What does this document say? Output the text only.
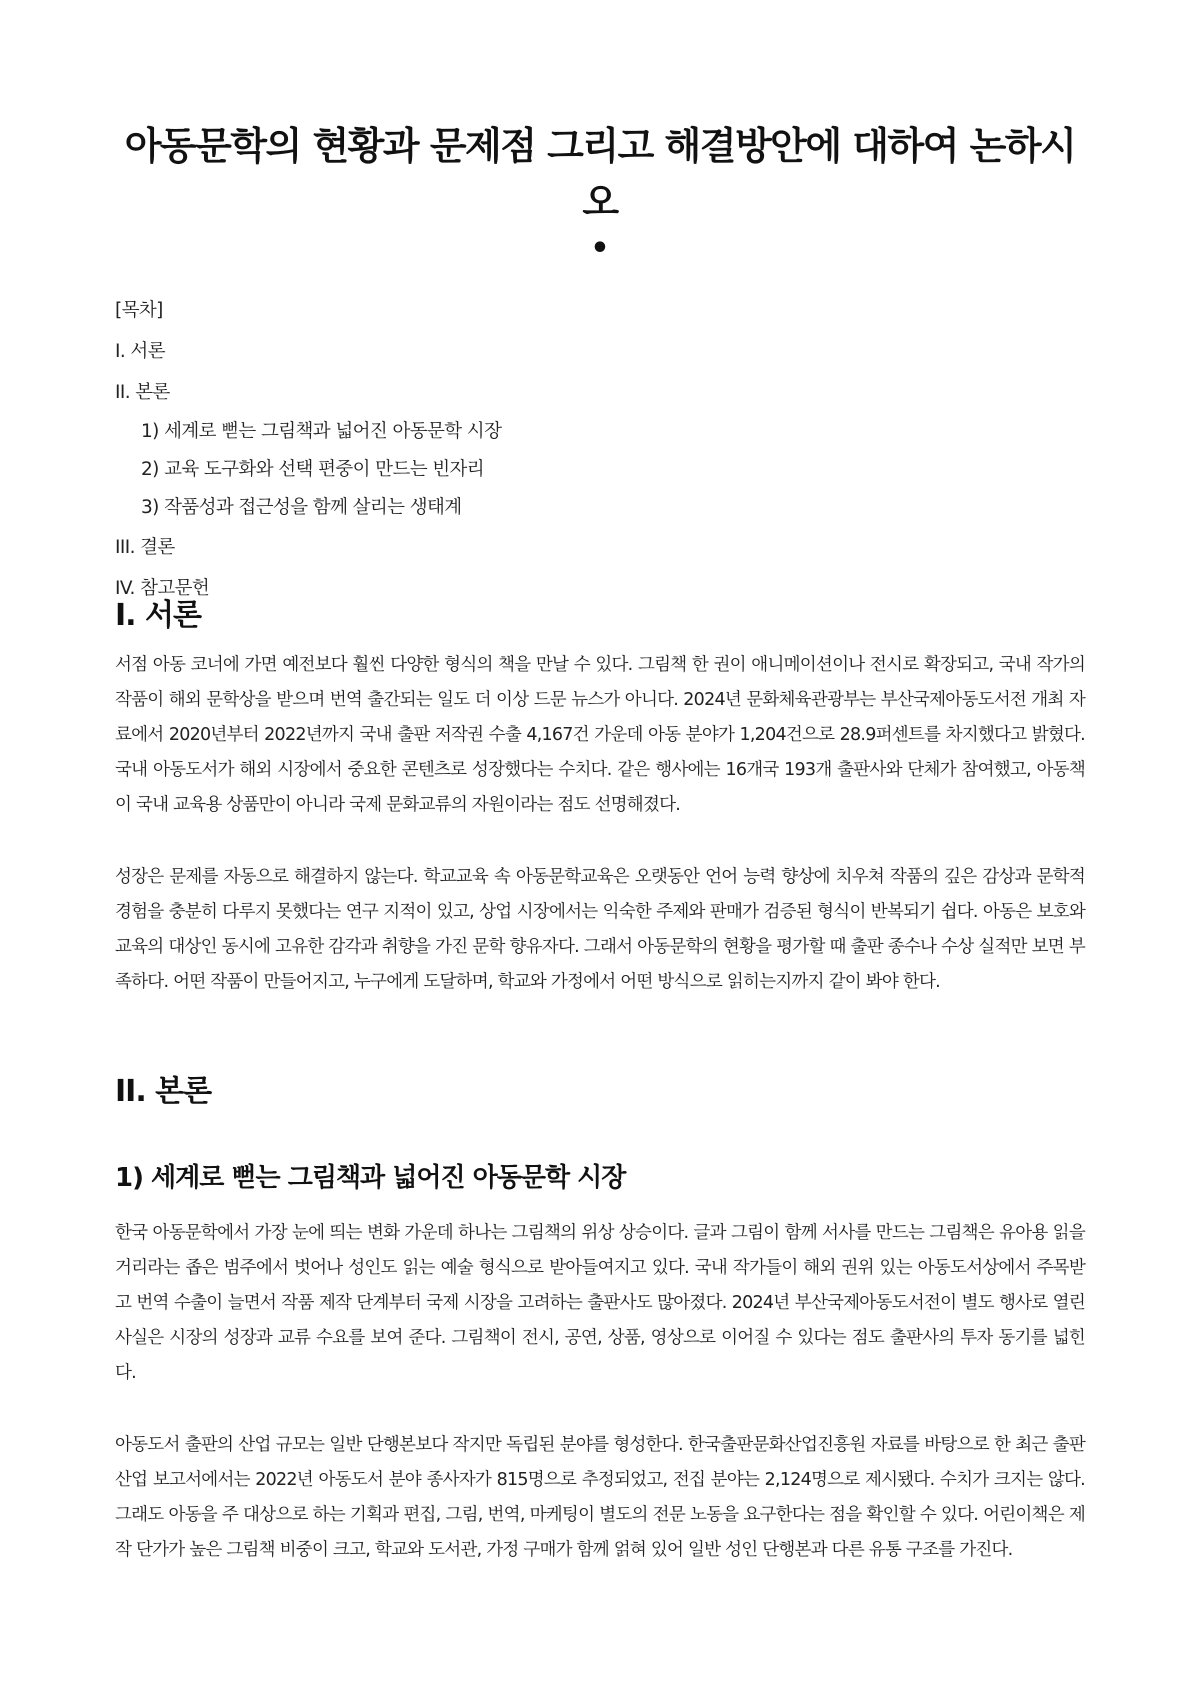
아동문학의 현황과 문제점 그리고 해결방안에 대하여 논하시오
•
[목차]
I. 서론
II. 본론
1) 세계로 뻗는 그림책과 넓어진 아동문학 시장
2) 교육 도구화와 선택 편중이 만드는 빈자리
3) 작품성과 접근성을 함께 살리는 생태계
III. 결론
IV. 참고문헌
I. 서론

서점 아동 코너에 가면 예전보다 훨씬 다양한 형식의 책을 만날 수 있다. 그림책 한 권이 애니메이션이나 전시로 확장되고, 국내 작가의 작품이 해외 문학상을 받으며 번역 출간되는 일도 더 이상 드문 뉴스가 아니다. 2024년 문화체육관광부는 부산국제아동도서전 개최 자료에서 2020년부터 2022년까지 국내 출판 저작권 수출 4,167건 가운데 아동 분야가 1,204건으로 28.9퍼센트를 차지했다고 밝혔다. 국내 아동도서가 해외 시장에서 중요한 콘텐츠로 성장했다는 수치다. 같은 행사에는 16개국 193개 출판사와 단체가 참여했고, 아동책이 국내 교육용 상품만이 아니라 국제 문화교류의 자원이라는 점도 선명해졌다.

성장은 문제를 자동으로 해결하지 않는다. 학교교육 속 아동문학교육은 오랫동안 언어 능력 향상에 치우쳐 작품의 깊은 감상과 문학적 경험을 충분히 다루지 못했다는 연구 지적이 있고, 상업 시장에서는 익숙한 주제와 판매가 검증된 형식이 반복되기 쉽다. 아동은 보호와 교육의 대상인 동시에 고유한 감각과 취향을 가진 문학 향유자다. 그래서 아동문학의 현황을 평가할 때 출판 종수나 수상 실적만 보면 부족하다. 어떤 작품이 만들어지고, 누구에게 도달하며, 학교와 가정에서 어떤 방식으로 읽히는지까지 같이 봐야 한다.

II. 본론
1) 세계로 뻗는 그림책과 넓어진 아동문학 시장

한국 아동문학에서 가장 눈에 띄는 변화 가운데 하나는 그림책의 위상 상승이다. 글과 그림이 함께 서사를 만드는 그림책은 유아용 읽을거리라는 좁은 범주에서 벗어나 성인도 읽는 예술 형식으로 받아들여지고 있다. 국내 작가들이 해외 권위 있는 아동도서상에서 주목받고 번역 수출이 늘면서 작품 제작 단계부터 국제 시장을 고려하는 출판사도 많아졌다. 2024년 부산국제아동도서전이 별도 행사로 열린 사실은 시장의 성장과 교류 수요를 보여 준다. 그림책이 전시, 공연, 상품, 영상으로 이어질 수 있다는 점도 출판사의 투자 동기를 넓힌다.

아동도서 출판의 산업 규모는 일반 단행본보다 작지만 독립된 분야를 형성한다. 한국출판문화산업진흥원 자료를 바탕으로 한 최근 출판산업 보고서에서는 2022년 아동도서 분야 종사자가 815명으로 추정되었고, 전집 분야는 2,124명으로 제시됐다. 수치가 크지는 않다. 그래도 아동을 주 대상으로 하는 기획과 편집, 그림, 번역, 마케팅이 별도의 전문 노동을 요구한다는 점을 확인할 수 있다. 어린이책은 제작 단가가 높은 그림책 비중이 크고, 학교와 도서관, 가정 구매가 함께 얽혀 있어 일반 성인 단행본과 다른 유통 구조를 가진다.
